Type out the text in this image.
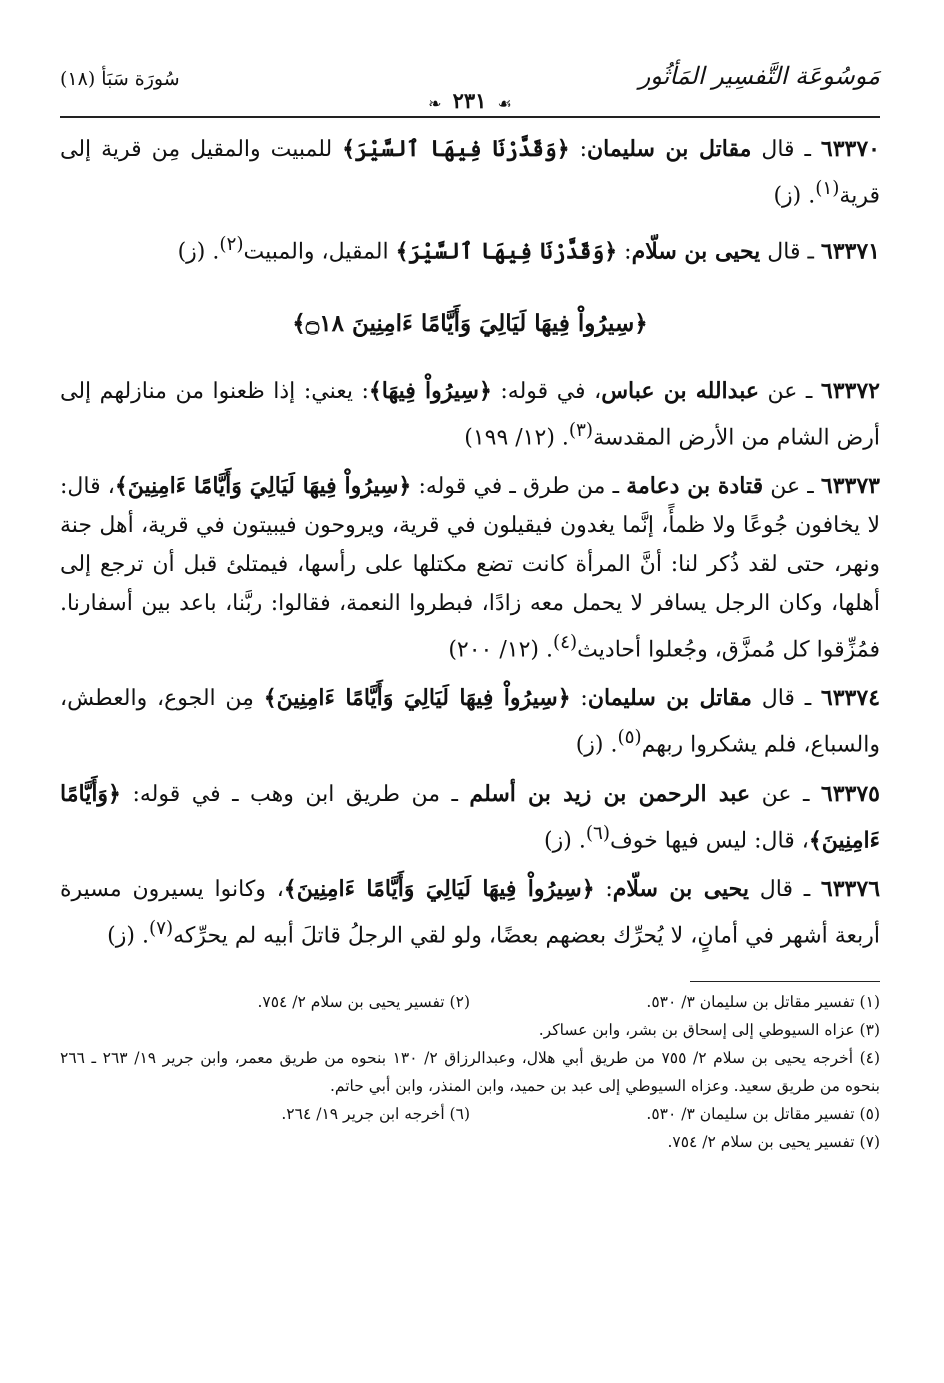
مَوسُوعَة التَّفسِير المَأثُور
سُورَة سَبَأ (١٨)
❧ ٢٣١ ☙

٦٣٣٧٠ ـ قال مقاتل بن سليمان: ﴿وَقَدَّرْنَا فِيهَا ٱلسَّيْرَ﴾ للمبيت والمقيل مِن قرية إلى قرية$^{(١)}$. (ز)

٦٣٣٧١ ـ قال يحيى بن سلّام: ﴿وَقَدَّرْنَا فِيهَا ٱلسَّيْرَ﴾ المقيل، والمبيت$^{(٢)}$. (ز)

﴿سِيرُواْ فِيهَا لَيَالِيَ وَأَيَّامًا ءَامِنِينَ ۝١٨﴾

٦٣٣٧٢ ـ عن عبدالله بن عباس، في قوله: ﴿سِيرُواْ فِيهَا﴾: يعني: إذا ظعنوا من منازلهم إلى أرض الشام من الأرض المقدسة$^{(٣)}$. (١٢/ ١٩٩)

٦٣٣٧٣ ـ عن قتادة بن دعامة ـ من طرق ـ في قوله: ﴿سِيرُواْ فِيهَا لَيَالِيَ وَأَيَّامًا ءَامِنِينَ﴾، قال: لا يخافون جُوعًا ولا ظمأً، إنَّما يغدون فيقيلون في قرية، ويروحون فيبيتون في قرية، أهل جنة ونهر، حتى لقد ذُكر لنا: أنَّ المرأة كانت تضع مكتلها على رأسها، فيمتلئ قبل أن ترجع إلى أهلها، وكان الرجل يسافر لا يحمل معه زادًا، فبطروا النعمة، فقالوا: ربَّنا، باعد بين أسفارنا. فمُزِّقوا كل مُمزَّق، وجُعلوا أحاديث$^{(٤)}$. (١٢/ ٢٠٠)

٦٣٣٧٤ ـ قال مقاتل بن سليمان: ﴿سِيرُواْ فِيهَا لَيَالِيَ وَأَيَّامًا ءَامِنِينَ﴾ مِن الجوع، والعطش، والسباع، فلم يشكروا ربهم$^{(٥)}$. (ز)

٦٣٣٧٥ ـ عن عبد الرحمن بن زيد بن أسلم ـ من طريق ابن وهب ـ في قوله: ﴿وَأَيَّامًا ءَامِنِينَ﴾، قال: ليس فيها خوف$^{(٦)}$. (ز)

٦٣٣٧٦ ـ قال يحيى بن سلّام: ﴿سِيرُواْ فِيهَا لَيَالِيَ وَأَيَّامًا ءَامِنِينَ﴾، وكانوا يسيرون مسيرة أربعة أشهر في أمانٍ، لا يُحرِّك بعضهم بعضًا، ولو لقي الرجلُ قاتلَ أبيه لم يحرِّكه$^{(٧)}$. (ز)

(١) تفسير مقاتل بن سليمان ٣/ ٥٣٠.
(٢) تفسير يحيى بن سلام ٢/ ٧٥٤.
(٣) عزاه السيوطي إلى إسحاق بن بشر، وابن عساكر.
(٤) أخرجه يحيى بن سلام ٢/ ٧٥٥ من طريق أبي هلال، وعبدالرزاق ٢/ ١٣٠ بنحوه من طريق معمر، وابن جرير ١٩/ ٢٦٣ ـ ٢٦٦ بنحوه من طريق سعيد. وعزاه السيوطي إلى عبد بن حميد، وابن المنذر، وابن أبي حاتم.
(٥) تفسير مقاتل بن سليمان ٣/ ٥٣٠.
(٦) أخرجه ابن جرير ١٩/ ٢٦٤.
(٧) تفسير يحيى بن سلام ٢/ ٧٥٤.
